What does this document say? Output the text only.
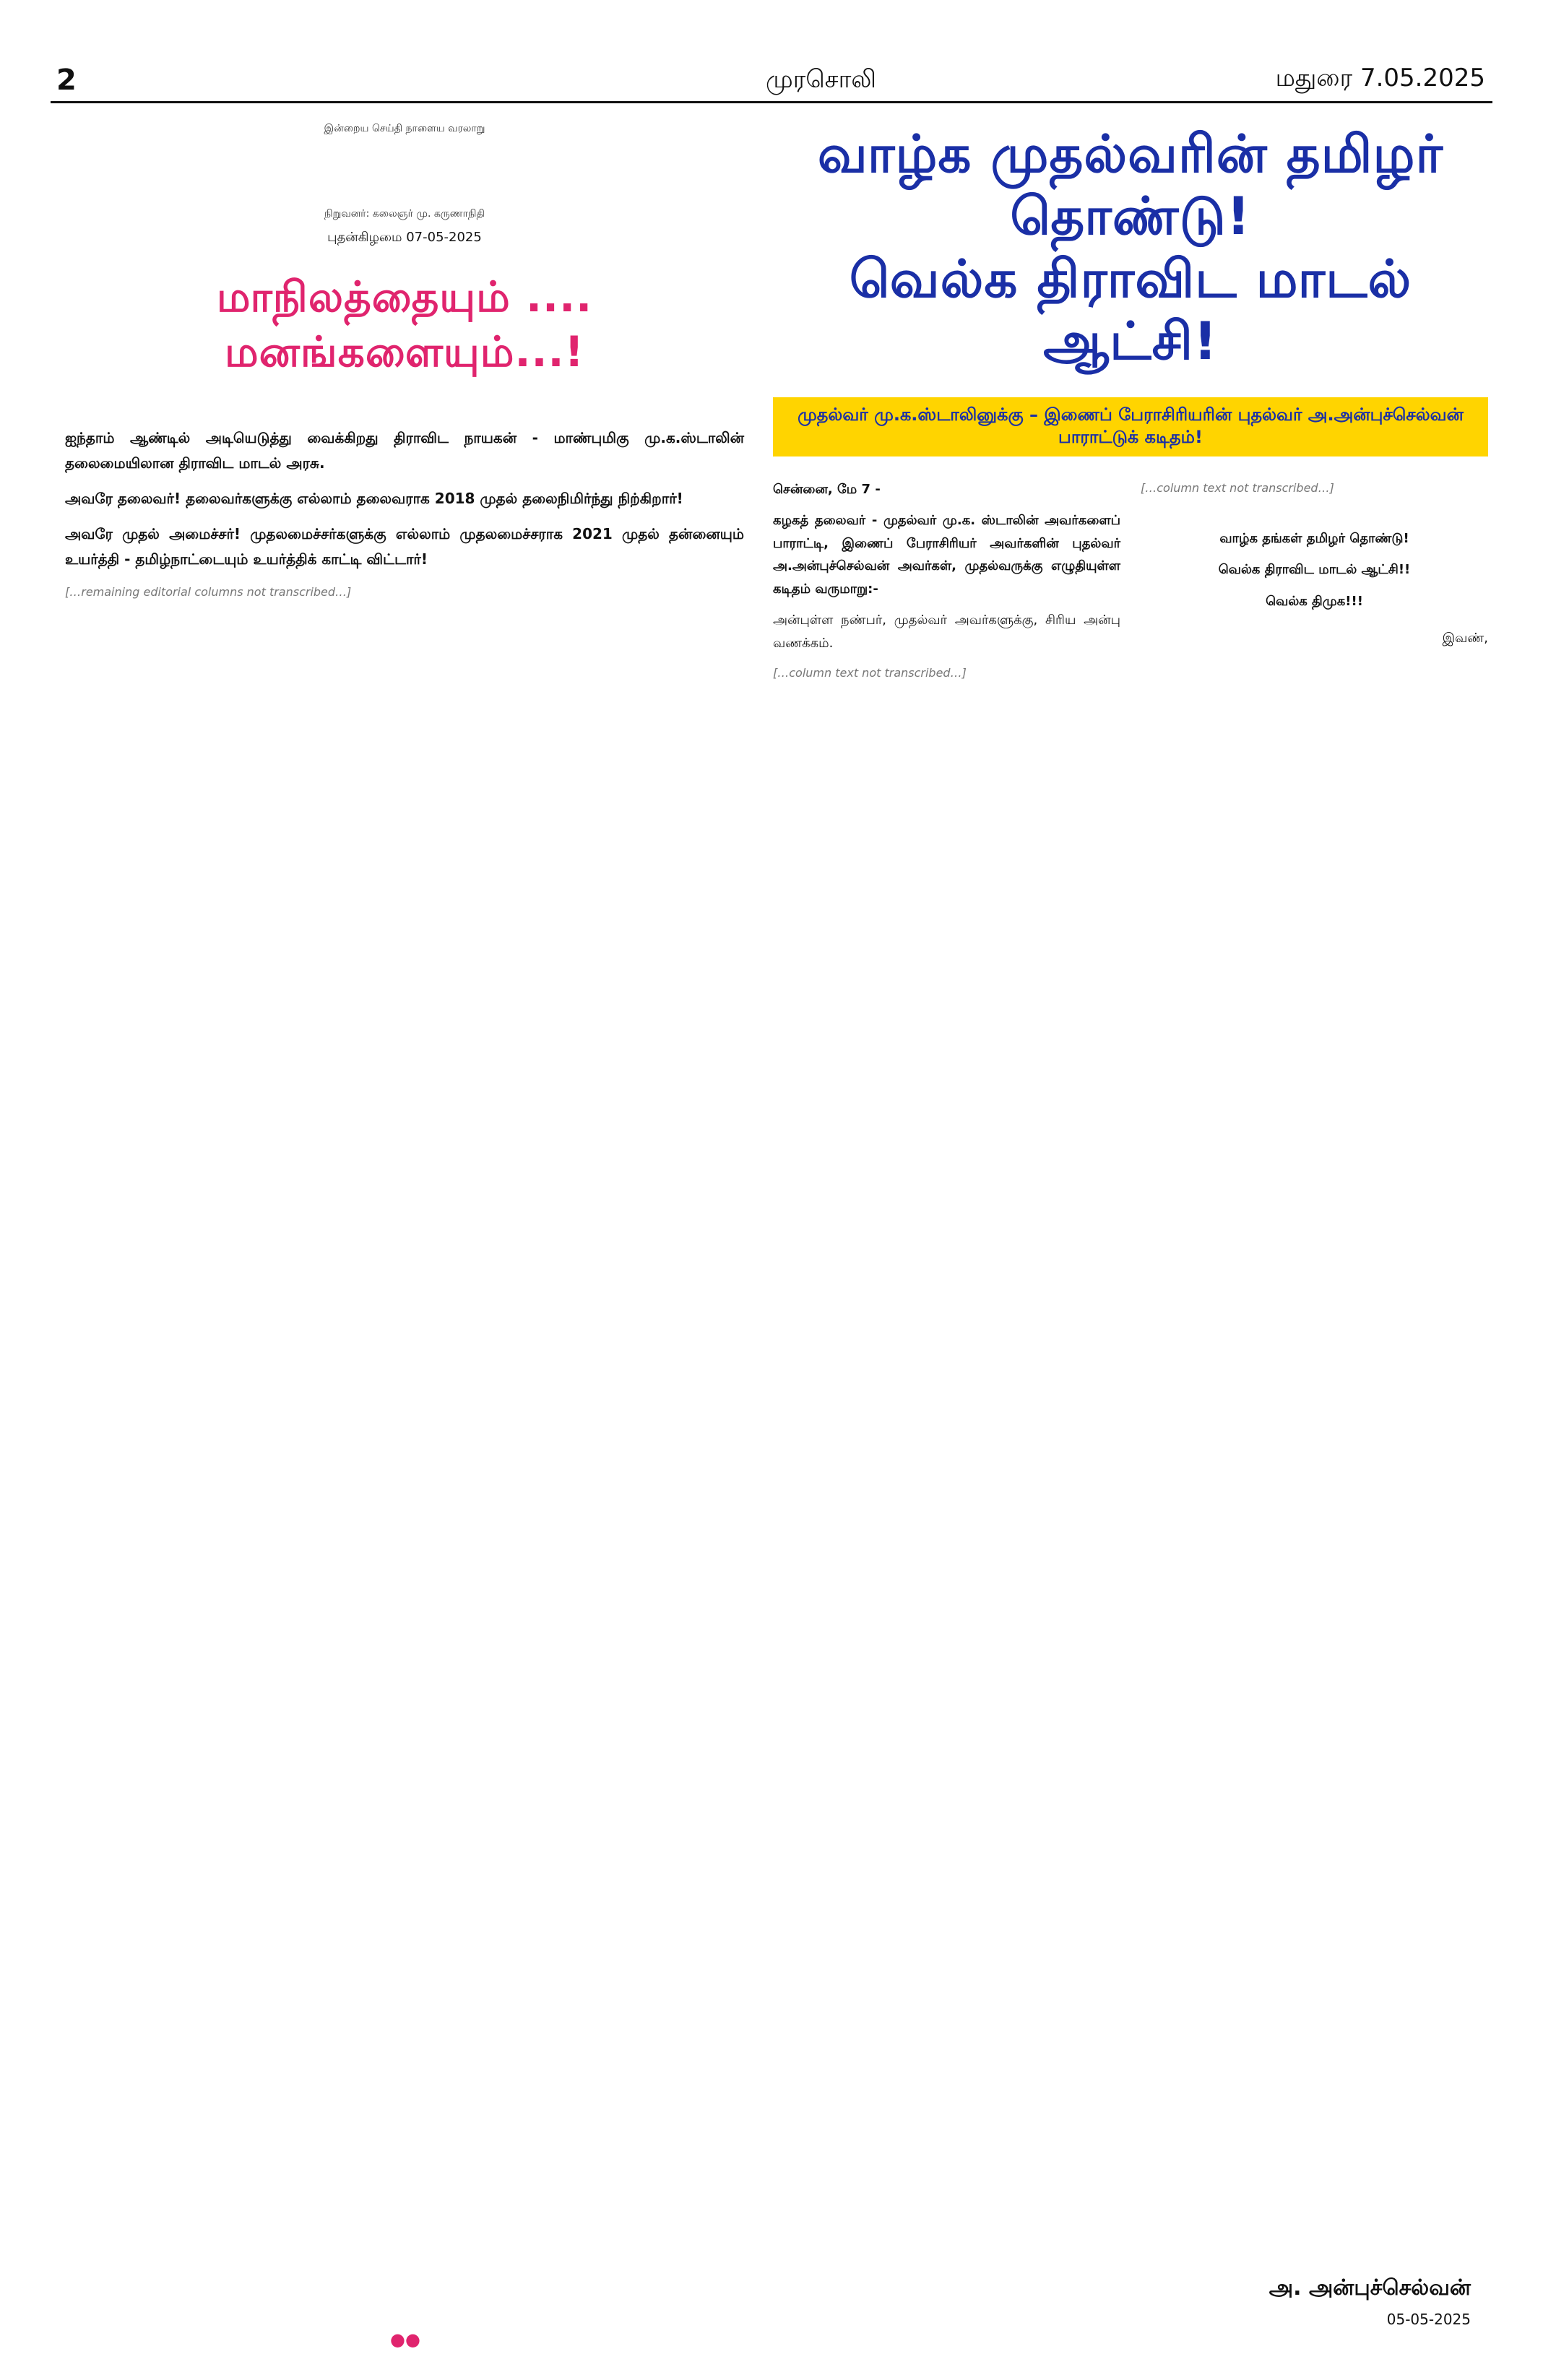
2	முரசொலி	மதுரை 7.05.2025
இன்றைய செய்தி நாளைய வரலாறு
நிறுவனர்: கலைஞர் மு. கருணாநிதி
புதன்கிழமை 07-05-2025
மாநிலத்தையும் .... மனங்களையும்...!

ஐந்தாம் ஆண்டில் அடியெடுத்து வைக்கிறது திராவிட நாயகன் - மாண்புமிகு மு.க.ஸ்டாலின் தலைமையிலான திராவிட மாடல் அரசு.

அவரே தலைவர்! தலைவர்களுக்கு எல்லாம் தலைவராக 2018 முதல் தலைநிமிர்ந்து நிற்கிறார்!

அவரே முதல் அமைச்சர்! முதலமைச்சர்களுக்கு எல்லாம் முதலமைச்சராக 2021 முதல் தன்னையும் உயர்த்தி - தமிழ்நாட்டையும் உயர்த்திக் காட்டி விட்டார்!

[…remaining editorial columns not transcribed…]

வாழ்க முதல்வரின் தமிழர் தொண்டு!
வெல்க திராவிட மாடல் ஆட்சி!
முதல்வர் மு.க.ஸ்டாலினுக்கு – இணைப் பேராசிரியரின் புதல்வர் அ.அன்புச்செல்வன் பாராட்டுக் கடிதம்!

சென்னை, மே 7 -

கழகத் தலைவர் - முதல்வர் மு.க. ஸ்டாலின் அவர்களைப் பாராட்டி, இணைப் பேராசிரியர் அவர்களின் புதல்வர் அ.அன்புச்செல்வன் அவர்கள், முதல்வருக்கு எழுதியுள்ள கடிதம் வருமாறு:-

அன்புள்ள நண்பர், முதல்வர் அவர்களுக்கு, சிரிய அன்பு வணக்கம்.

[…column text not transcribed…]

[…column text not transcribed…]

வாழ்க தங்கள் தமிழர் தொண்டு!

வெல்க திராவிட மாடல் ஆட்சி!!

வெல்க திமுக!!!

இவண்,

அ. அன்புச்செல்வன்
05-05-2025
●●
